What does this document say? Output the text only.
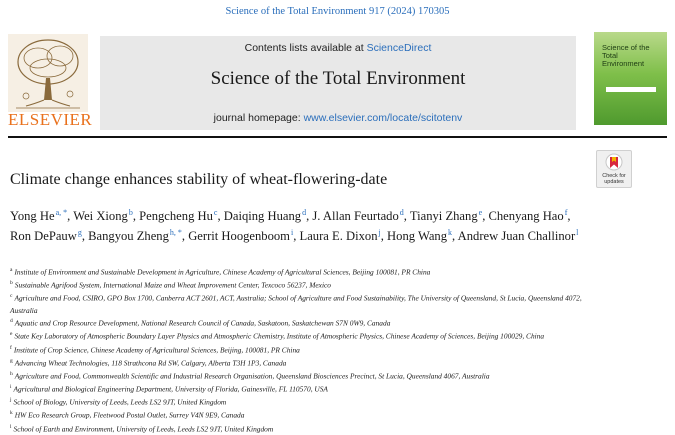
Science of the Total Environment 917 (2024) 170305
ELSEVIER
Contents lists available at ScienceDirect
Science of the Total Environment
journal homepage: www.elsevier.com/locate/scitotenv
Science of the Total Environment
Check for updates
Climate change enhances stability of wheat-flowering-date
Yong $He^{a, *}$, Wei Xiong$^b$, Pengcheng Hu$^c$, Daiqing Huang$^d$, J. Allan Feurtado$^d$, Tianyi Zhang$^e$, Chenyang Hao$^f$, Ron DePauw$^g$, Bangyou Zheng$^{h, *}$, Gerrit Hoogenboom$^i$, Laura E. Dixon$^j$, Hong Wang$^k$, Andrew Juan Challinor$^l$
$^a$ Institute of Environment and Sustainable Development in Agriculture, Chinese Academy of Agricultural Sciences, Beijing 100081, PR China
$^b$ Sustainable Agrifood System, International Maize and Wheat Improvement Center, Texcoco 56237, Mexico
$^c$ Agriculture and Food, CSIRO, GPO Box 1700, Canberra ACT 2601, ACT, Australia; School of Agriculture and Food Sustainability, The University of Queensland, St Lucia, Queensland 4072, Australia
$^d$ Aquatic and Crop Resource Development, National Research Council of Canada, Saskatoon, Saskatchewan S7N 0W9, Canada
$^e$ State Key Laboratory of Atmospheric Boundary Layer Physics and Atmospheric Chemistry, Institute of Atmospheric Physics, Chinese Academy of Sciences, Beijing 100029, China
$^f$ Institute of Crop Science, Chinese Academy of Agricultural Sciences, Beijing, 100081, PR China
$^g$ Advancing Wheat Technologies, 118 Strathcona Rd SW, Calgary, Alberta T3H 1P3, Canada
$^h$ Agriculture and Food, Commonwealth Scientific and Industrial Research Organisation, Queensland Biosciences Precinct, St Lucia, Queensland 4067, Australia
$^i$ Agricultural and Biological Engineering Department, University of Florida, Gainesville, FL 110570, USA
$^j$ School of Biology, University of Leeds, Leeds LS2 9JT, United Kingdom
$^k$ HW Eco Research Group, Fleetwood Postal Outlet, Surrey V4N 9E9, Canada
$^l$ School of Earth and Environment, University of Leeds, Leeds LS2 9JT, United Kingdom
